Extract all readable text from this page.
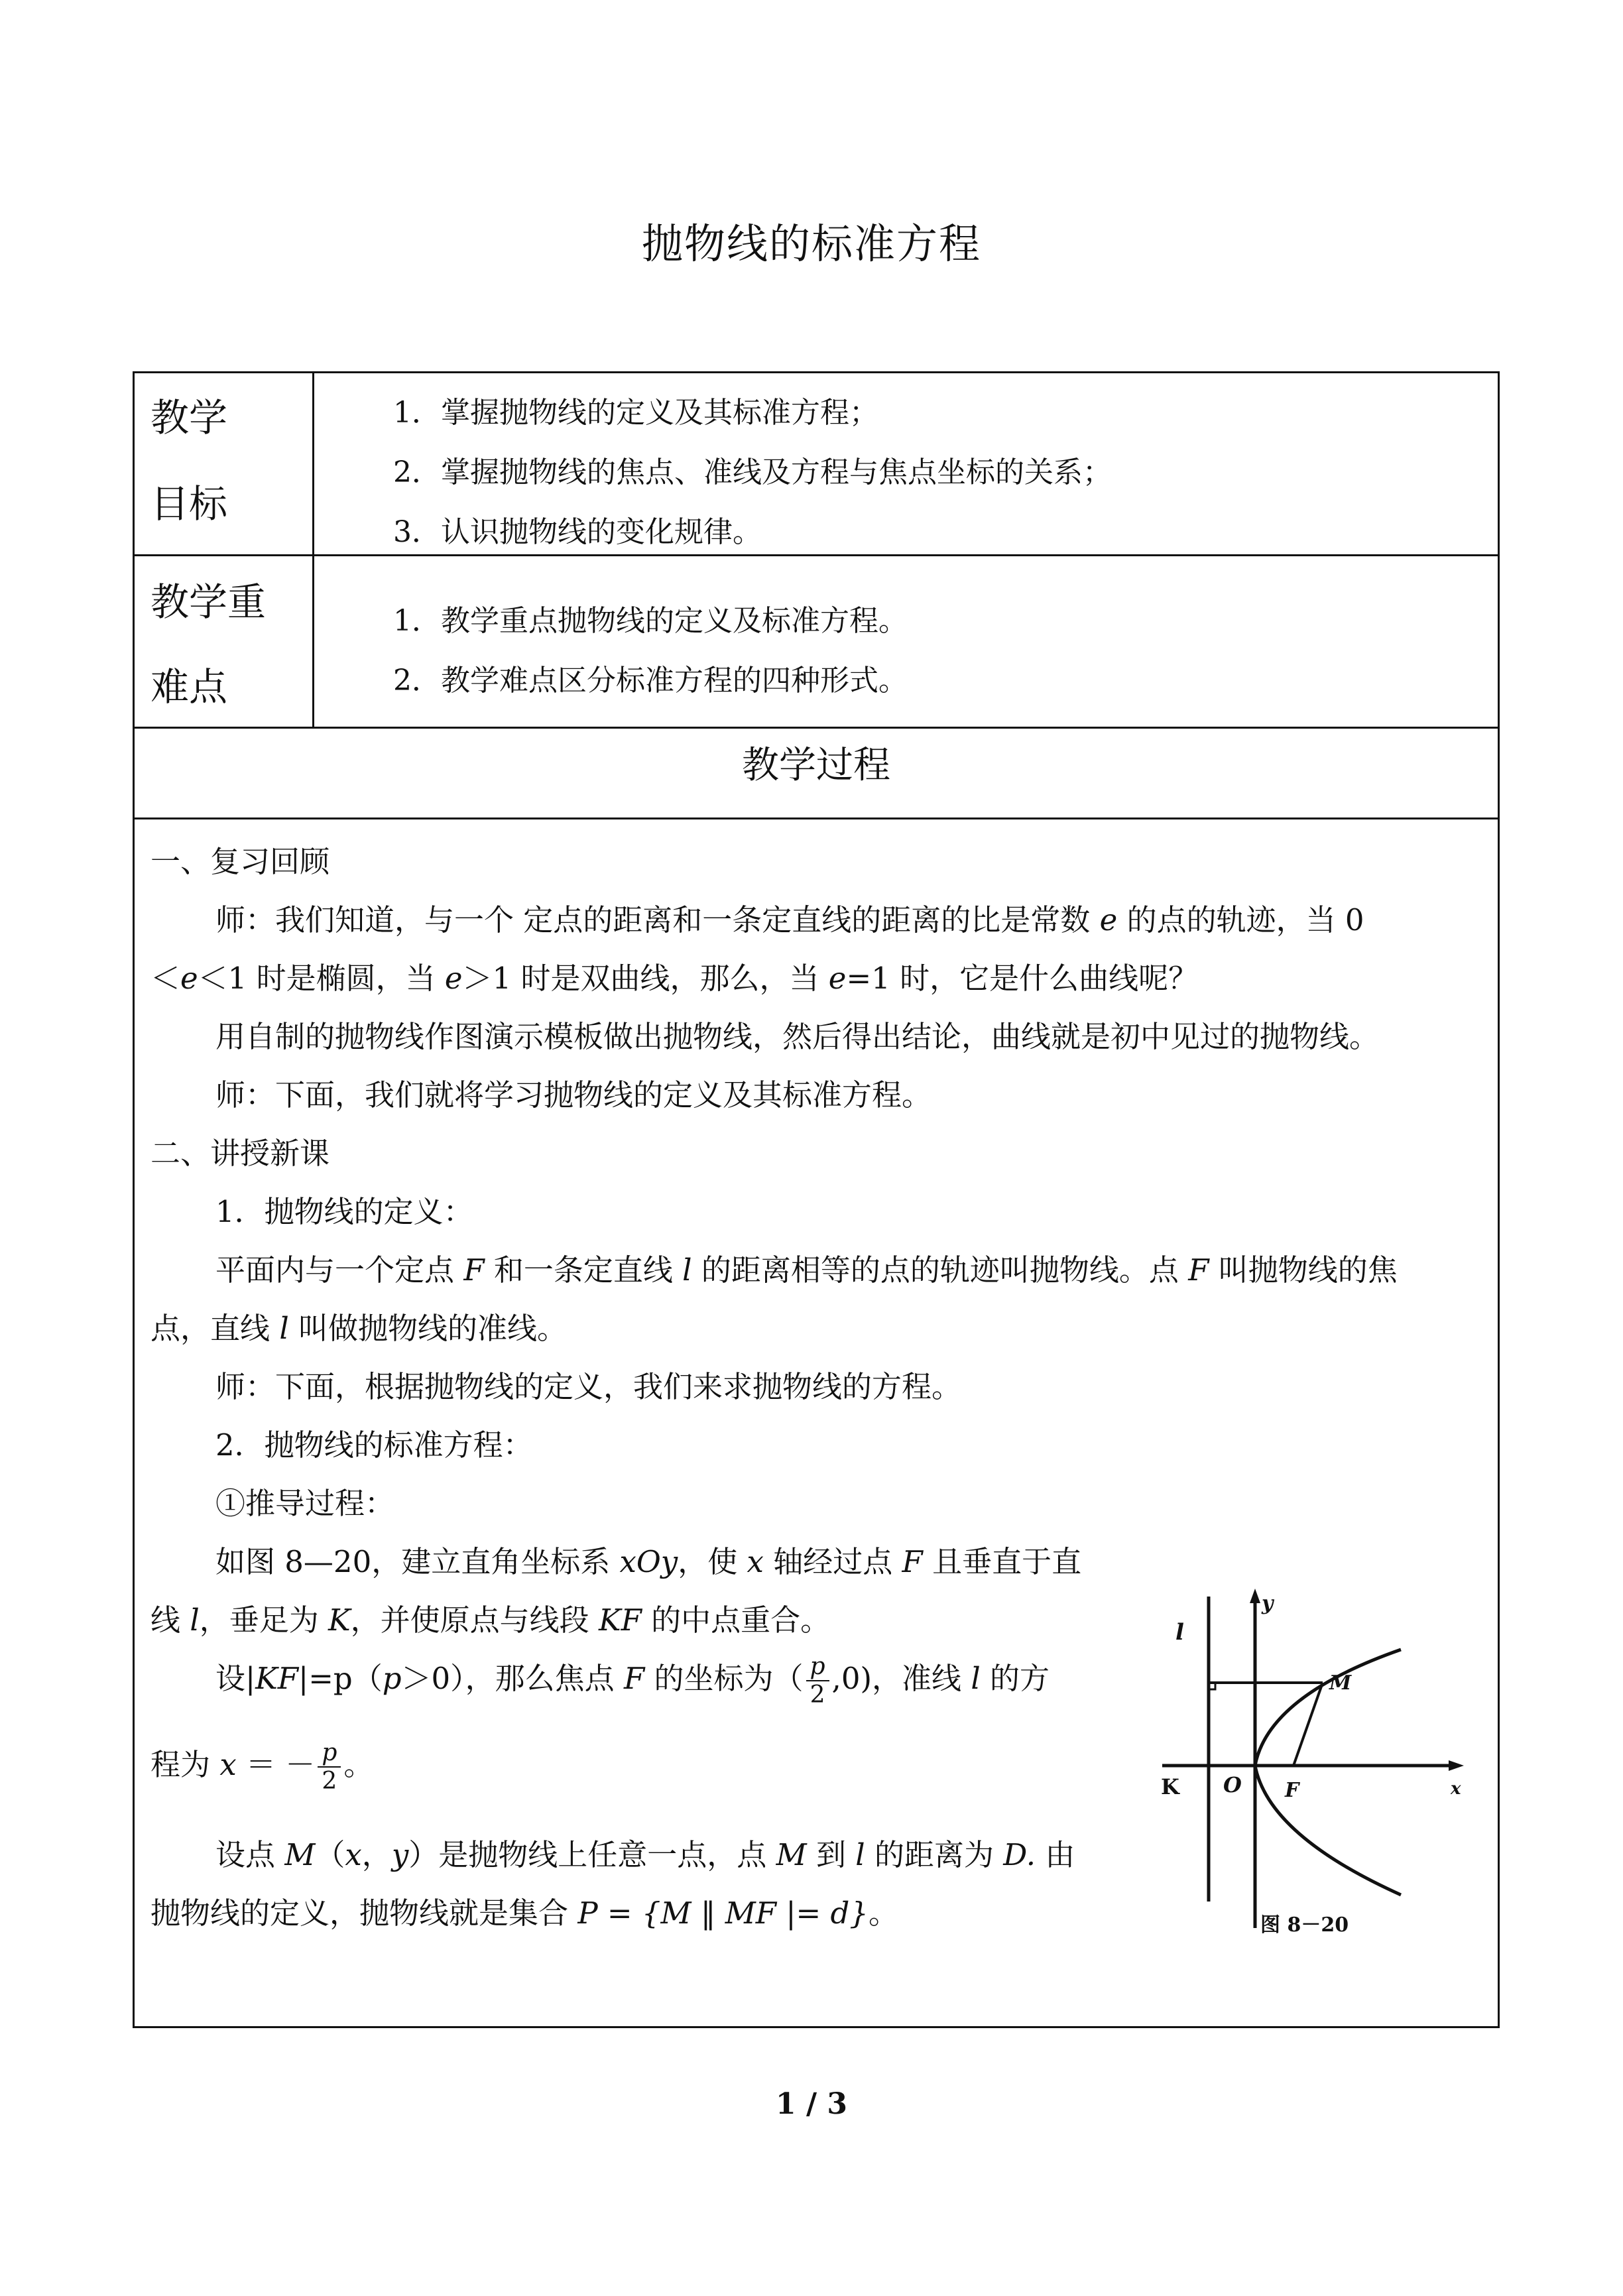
抛物线的标准方程
教学
目标
1．掌握抛物线的定义及其标准方程；
2．掌握抛物线的焦点、准线及方程与焦点坐标的关系；
3．认识抛物线的变化规律。
教学重
难点
1．教学重点抛物线的定义及标准方程。
2．教学难点区分标准方程的四种形式。
教学过程
一、复习回顾
师：我们知道，与一个 定点的距离和一条定直线的距离的比是常数 e 的点的轨迹，当 0
＜e＜1 时是椭圆，当 e＞1 时是双曲线，那么，当 e=1 时，它是什么曲线呢？
用自制的抛物线作图演示模板做出抛物线，然后得出结论，曲线就是初中见过的抛物线。
师：下面，我们就将学习抛物线的定义及其标准方程。
二、讲授新课
1．抛物线的定义：
平面内与一个定点 F 和一条定直线 l 的距离相等的点的轨迹叫抛物线。点 F 叫抛物线的焦
点，直线 l 叫做抛物线的准线。
师：下面，根据抛物线的定义，我们来求抛物线的方程。
2．抛物线的标准方程：
①推导过程：
如图 8—20，建立直角坐标系 xOy，使 x 轴经过点 F 且垂直于直
线 l，垂足为 K，并使原点与线段 KF 的中点重合。
设|KF|=p（p＞0），那么焦点 F 的坐标为（ $\frac{p}{2} ,0$)，准线 l 的方
程为 x ＝ － $\frac{p}{2}$ 。
设点 M（x，y）是抛物线上任意一点，点 M 到 l 的距离为 D. 由
抛物线的定义，抛物线就是集合 P = {M ‖ MF |= d}。
l
y
M
K O F	x
图 8－20
1 / 3
